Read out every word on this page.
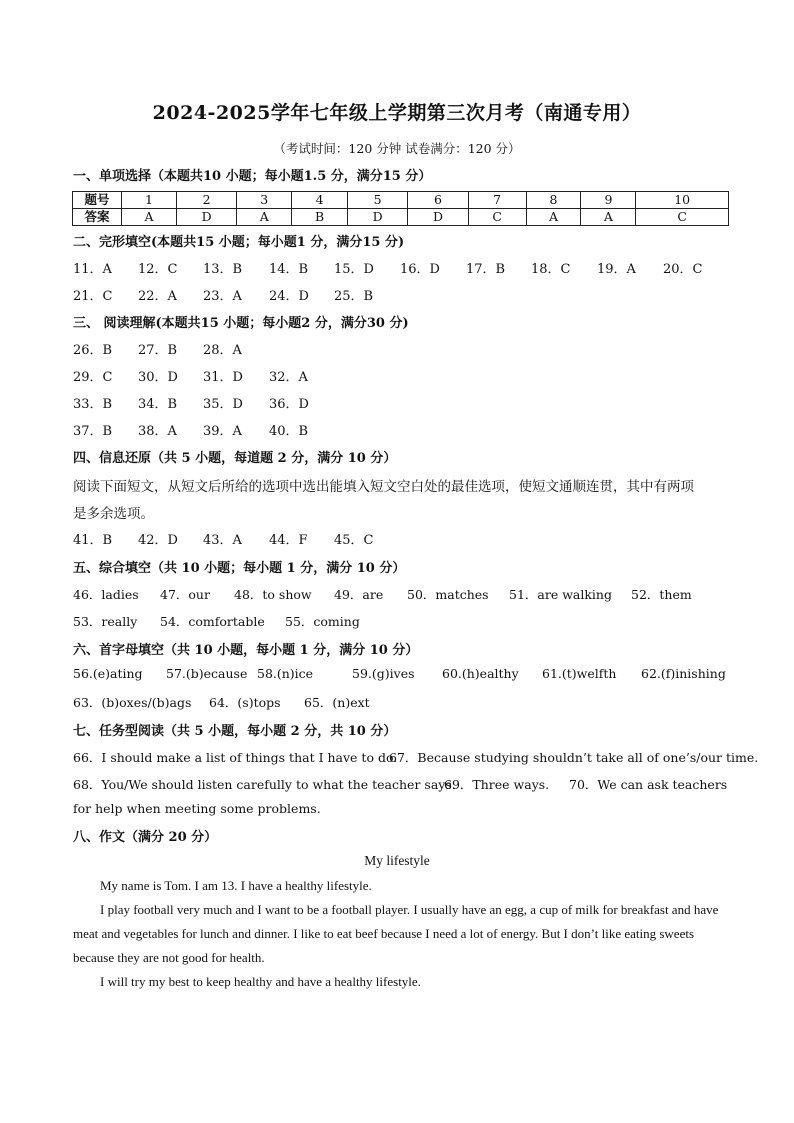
2024-2025学年七年级上学期第三次月考（南通专用）
（考试时间：120 分钟 试卷满分：120 分）
一、单项选择（本题共10 小题；每小题1.5 分，满分15 分）
题号	1	2	3	4	5	6	7	8	9	10
答案	A	D	A	B	D	D	C	A	A	C
二、完形填空(本题共15 小题；每小题1 分，满分15 分)
11．A 12．C 13．B 14．B 15．D 16．D 17．B 18．C 19．A 20．C
21．C 22．A 23．A 24．D 25．B
三、 阅读理解(本题共15 小题；每小题2 分，满分30 分)
26．B 27．B 28．A
29．C 30．D 31．D 32．A
33．B 34．B 35．D 36．D
37．B 38．A 39．A 40．B
四、信息还原（共 5 小题，每道题 2 分，满分 10 分）
阅读下面短文，从短文后所给的选项中选出能填入短文空白处的最佳选项，使短文通顺连贯，其中有两项
是多余选项。
41．B 42．D 43．A 44．F 45．C
五、综合填空（共 10 小题；每小题 1 分，满分 10 分）
46．ladies 47．our 48．to show 49．are 50．matches 51．are walking 52．them
53．really 54．comfortable 55．coming
六、首字母填空（共 10 小题，每小题 1 分，满分 10 分）
56.(e)ating 57.(b)ecause 58.(n)ice	59.(g)ives 60.(h)ealthy 61.(t)welfth 62.(f)inishing
63．(b)oxes/(b)ags 64．(s)tops 65．(n)ext
七、任务型阅读（共 5 小题，每小题 2 分，共 10 分）
66．I should make a list of things that I have to do.
67．Because studying shouldn’t take all of one’s/our time.
68．You/We should listen carefully to what the teacher says.
69．Three ways. 70．We can ask teachers
for help when meeting some problems.
八、作文（满分 20 分）
My lifestyle

My name is Tom. I am 13. I have a healthy lifestyle.

I play football very much and I want to be a football player. I usually have an egg, a cup of milk for breakfast and have meat and vegetables for lunch and dinner. I like to eat beef because I need a lot of energy. But I don’t like eating sweets because they are not good for health.

I will try my best to keep healthy and have a healthy lifestyle.
